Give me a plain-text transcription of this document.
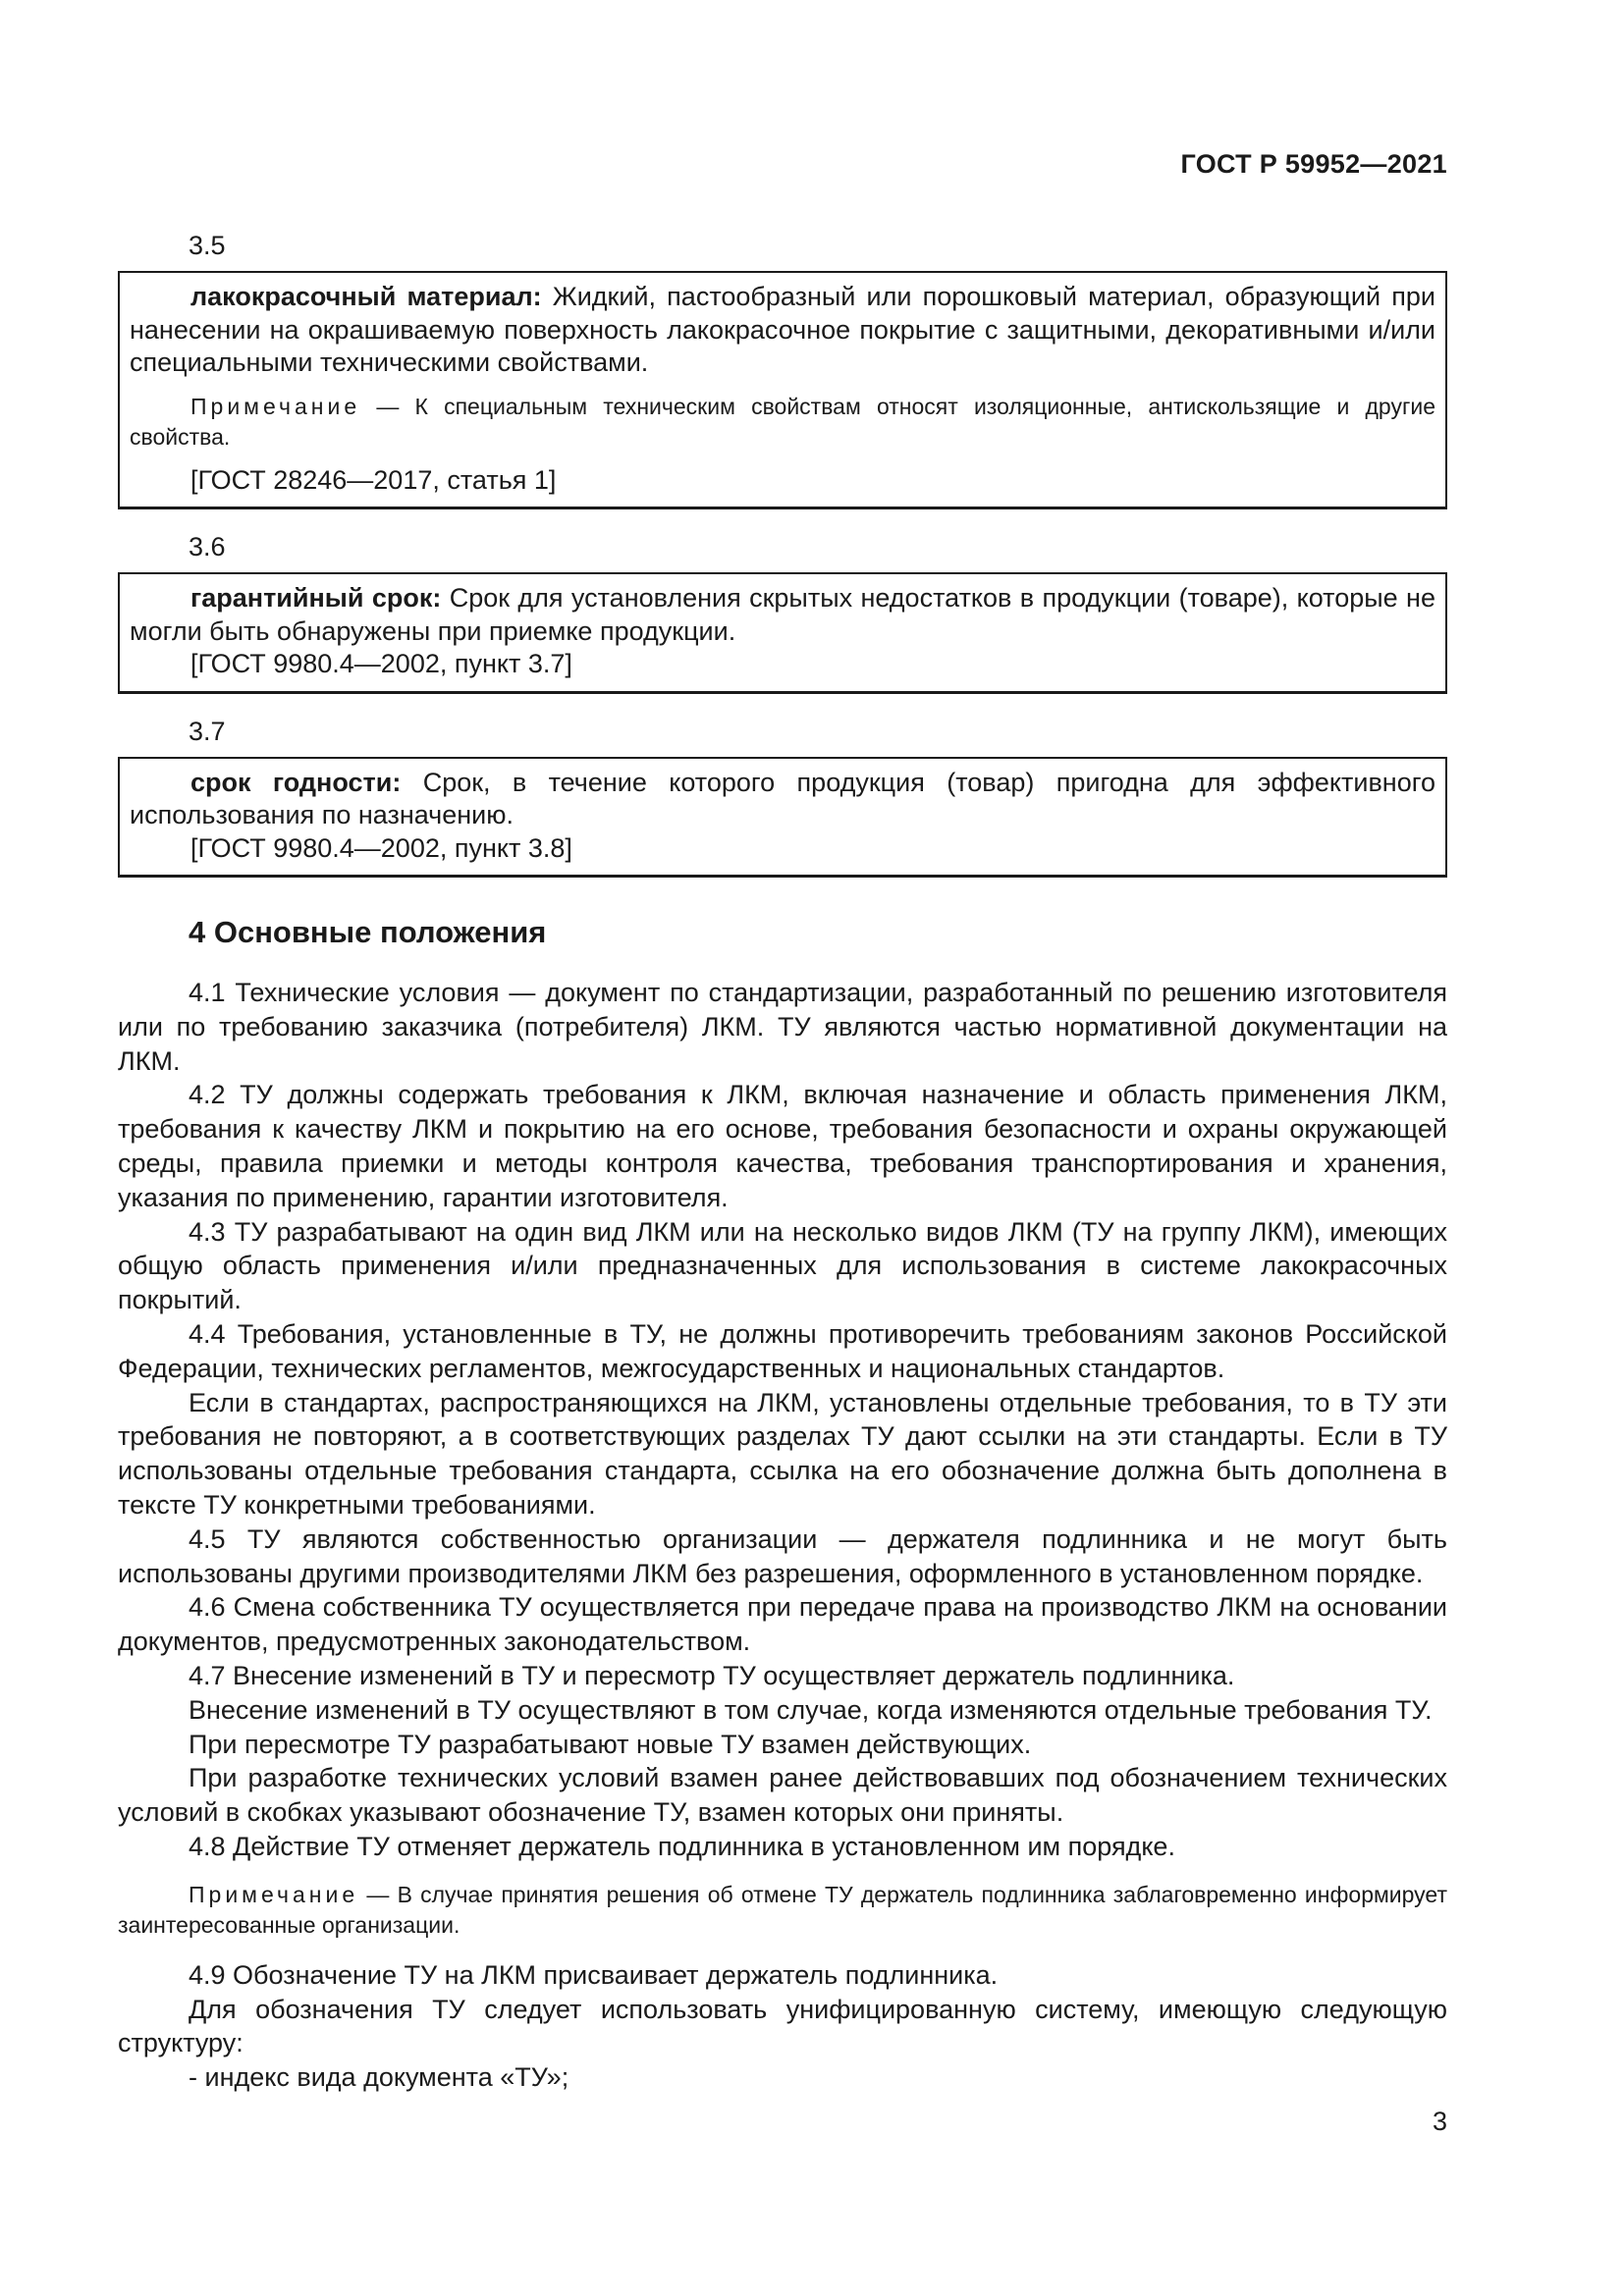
ГОСТ Р 59952—2021
3.5

лакокрасочный материал: Жидкий, пастообразный или порошковый материал, образующий при нанесении на окрашиваемую поверхность лакокрасочное покрытие с защитными, декоративными и/или специальными техническими свойствами.

Примечание — К специальным техническим свойствам относят изоляционные, антискользящие и другие свойства.

[ГОСТ 28246—2017, статья 1]

3.6

гарантийный срок: Срок для установления скрытых недостатков в продукции (товаре), которые не могли быть обнаружены при приемке продукции.

[ГОСТ 9980.4—2002, пункт 3.7]

3.7

срок годности: Срок, в течение которого продукция (товар) пригодна для эффективного использования по назначению.

[ГОСТ 9980.4—2002, пункт 3.8]

4 Основные положения

4.1 Технические условия — документ по стандартизации, разработанный по решению изготовителя или по требованию заказчика (потребителя) ЛКМ. ТУ являются частью нормативной документации на ЛКМ.

4.2 ТУ должны содержать требования к ЛКМ, включая назначение и область применения ЛКМ, требования к качеству ЛКМ и покрытию на его основе, требования безопасности и охраны окружающей среды, правила приемки и методы контроля качества, требования транспортирования и хранения, указания по применению, гарантии изготовителя.

4.3 ТУ разрабатывают на один вид ЛКМ или на несколько видов ЛКМ (ТУ на группу ЛКМ), имеющих общую область применения и/или предназначенных для использования в системе лакокрасочных покрытий.

4.4 Требования, установленные в ТУ, не должны противоречить требованиям законов Российской Федерации, технических регламентов, межгосударственных и национальных стандартов.

Если в стандартах, распространяющихся на ЛКМ, установлены отдельные требования, то в ТУ эти требования не повторяют, а в соответствующих разделах ТУ дают ссылки на эти стандарты. Если в ТУ использованы отдельные требования стандарта, ссылка на его обозначение должна быть дополнена в тексте ТУ конкретными требованиями.

4.5 ТУ являются собственностью организации — держателя подлинника и не могут быть использованы другими производителями ЛКМ без разрешения, оформленного в установленном порядке.

4.6 Смена собственника ТУ осуществляется при передаче права на производство ЛКМ на основании документов, предусмотренных законодательством.

4.7 Внесение изменений в ТУ и пересмотр ТУ осуществляет держатель подлинника.

Внесение изменений в ТУ осуществляют в том случае, когда изменяются отдельные требования ТУ.

При пересмотре ТУ разрабатывают новые ТУ взамен действующих.

При разработке технических условий взамен ранее действовавших под обозначением технических условий в скобках указывают обозначение ТУ, взамен которых они приняты.

4.8 Действие ТУ отменяет держатель подлинника в установленном им порядке.

Примечание — В случае принятия решения об отмене ТУ держатель подлинника заблаговременно информирует заинтересованные организации.

4.9 Обозначение ТУ на ЛКМ присваивает держатель подлинника.

Для обозначения ТУ следует использовать унифицированную систему, имеющую следующую структуру:

- индекс вида документа «ТУ»;

3
